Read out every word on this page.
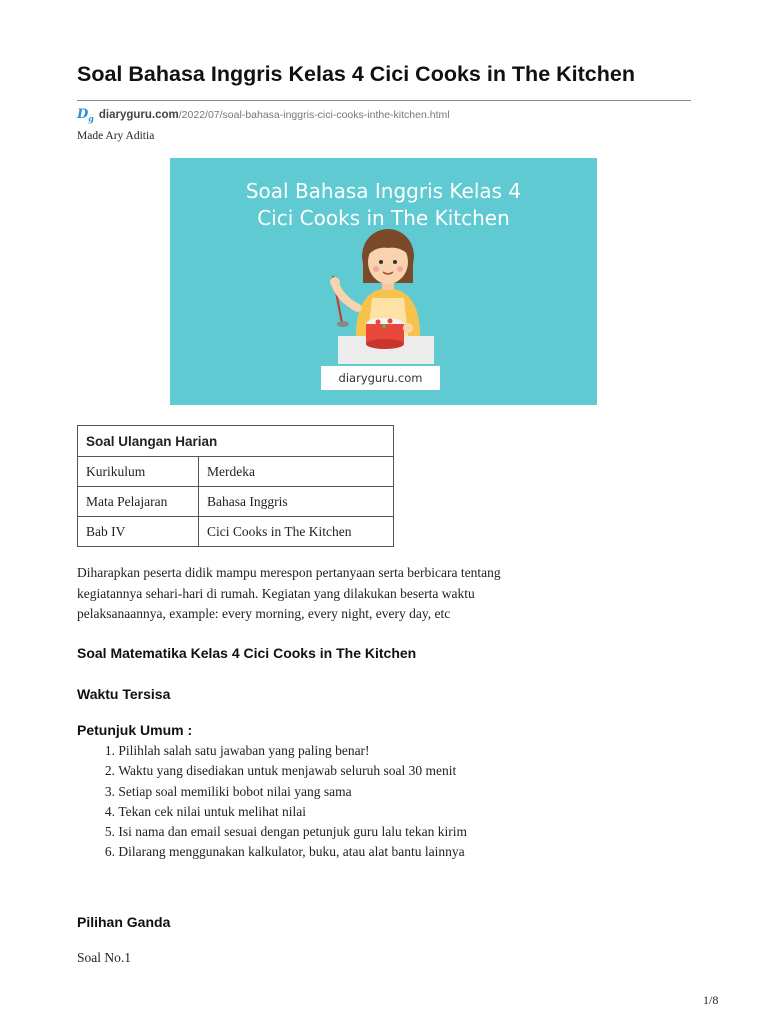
Soal Bahasa Inggris Kelas 4 Cici Cooks in The Kitchen
$D_g$ diaryguru.com /2022/07/soal-bahasa-inggris-cici-cooks-inthe-kitchen.html
Made Ary Aditia
Soal Bahasa Inggris Kelas 4
Cici Cooks in The Kitchen
diaryguru.com
Soal Ulangan Harian	
Kurikulum	Merdeka
Mata Pelajaran	Bahasa Inggris
Bab IV	Cici Cooks in The Kitchen
Diharapkan peserta didik mampu merespon pertanyaan serta berbicara tentang
kegiatannya sehari-hari di rumah. Kegiatan yang dilakukan beserta waktu
pelaksanaannya, example: every morning, every night, every day, etc
Soal Matematika Kelas 4 Cici Cooks in The Kitchen
Waktu Tersisa
Petunjuk Umum :
1.
Pilihlah salah satu jawaban yang paling benar!
2.
Waktu yang disediakan untuk menjawab seluruh soal 30 menit
3.
Setiap soal memiliki bobot nilai yang sama
4.
Tekan cek nilai untuk melihat nilai
5.
Isi nama dan email sesuai dengan petunjuk guru lalu tekan kirim
6.
Dilarang menggunakan kalkulator, buku, atau alat bantu lainnya
Pilihan Ganda
Soal No.1
1/8
